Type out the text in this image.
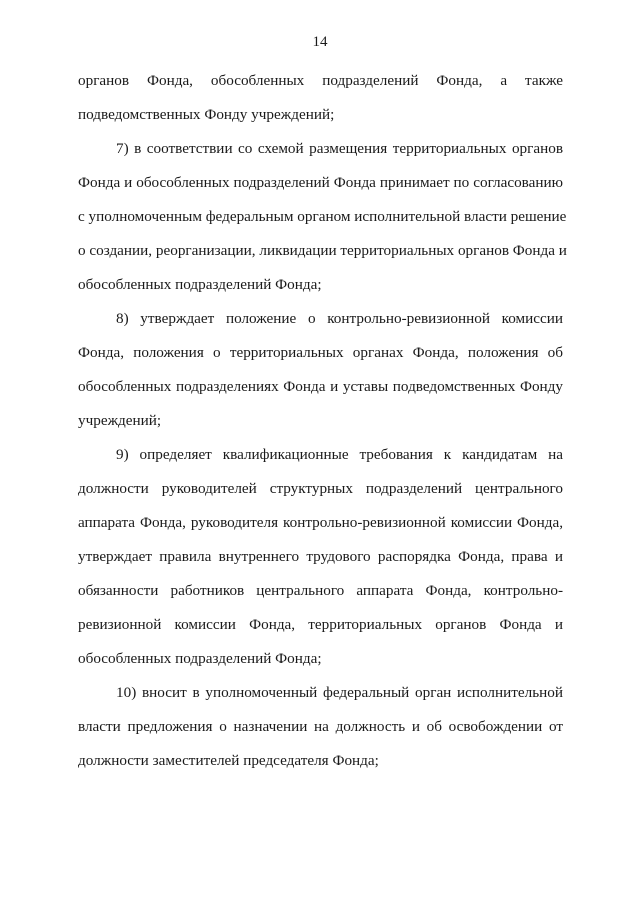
14
органов Фонда, обособленных подразделений Фонда, а также
подведомственных Фонду учреждений;
7) в соответствии со схемой размещения территориальных органов
Фонда и обособленных подразделений Фонда принимает по согласованию
с уполномоченным федеральным органом исполнительной власти решение
о создании, реорганизации, ликвидации территориальных органов Фонда и
обособленных подразделений Фонда;
8) утверждает положение о контрольно-ревизионной комиссии
Фонда, положения о территориальных органах Фонда, положения об
обособленных подразделениях Фонда и уставы подведомственных Фонду
учреждений;
9) определяет квалификационные требования к кандидатам на
должности руководителей структурных подразделений центрального
аппарата Фонда, руководителя контрольно-ревизионной комиссии Фонда,
утверждает правила внутреннего трудового распорядка Фонда, права и
обязанности работников центрального аппарата Фонда, контрольно-
ревизионной комиссии Фонда, территориальных органов Фонда и
обособленных подразделений Фонда;
10) вносит в уполномоченный федеральный орган исполнительной
власти предложения о назначении на должность и об освобождении от
должности заместителей председателя Фонда;
